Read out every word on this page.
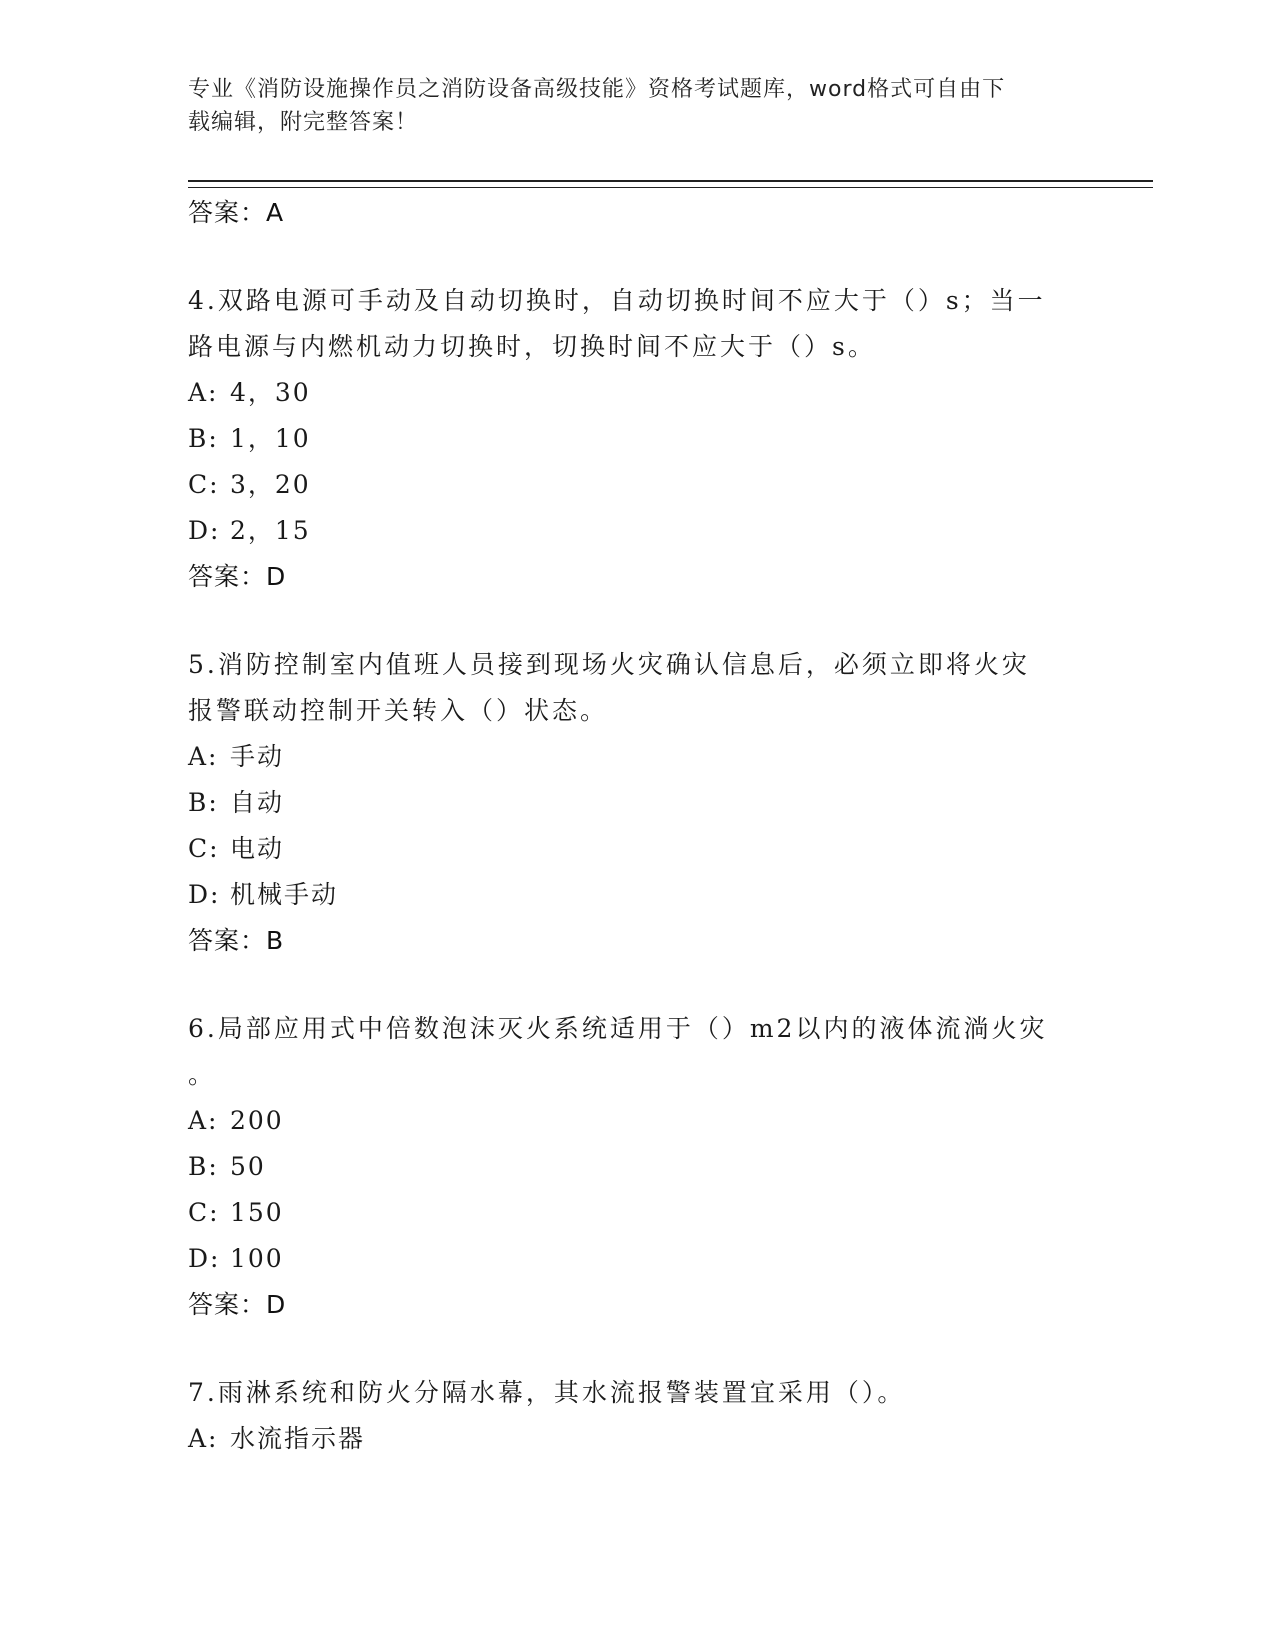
专业《消防设施操作员之消防设备高级技能》资格考试题库，word格式可自由下
载编辑，附完整答案！
答案：A
4.双路电源可手动及自动切换时，自动切换时间不应大于（）s；当一
路电源与内燃机动力切换时，切换时间不应大于（）s。
A: 4，30
B: 1，10
C: 3，20
D: 2，15
答案：D
5.消防控制室内值班人员接到现场火灾确认信息后，必须立即将火灾
报警联动控制开关转入（）状态。
A: 手动
B: 自动
C: 电动
D: 机械手动
答案：B
6.局部应用式中倍数泡沫灭火系统适用于（）m2以内的液体流淌火灾
。
A: 200
B: 50
C: 150
D: 100
答案：D
7.雨淋系统和防火分隔水幕，其水流报警装置宜采用（）。
A: 水流指示器
